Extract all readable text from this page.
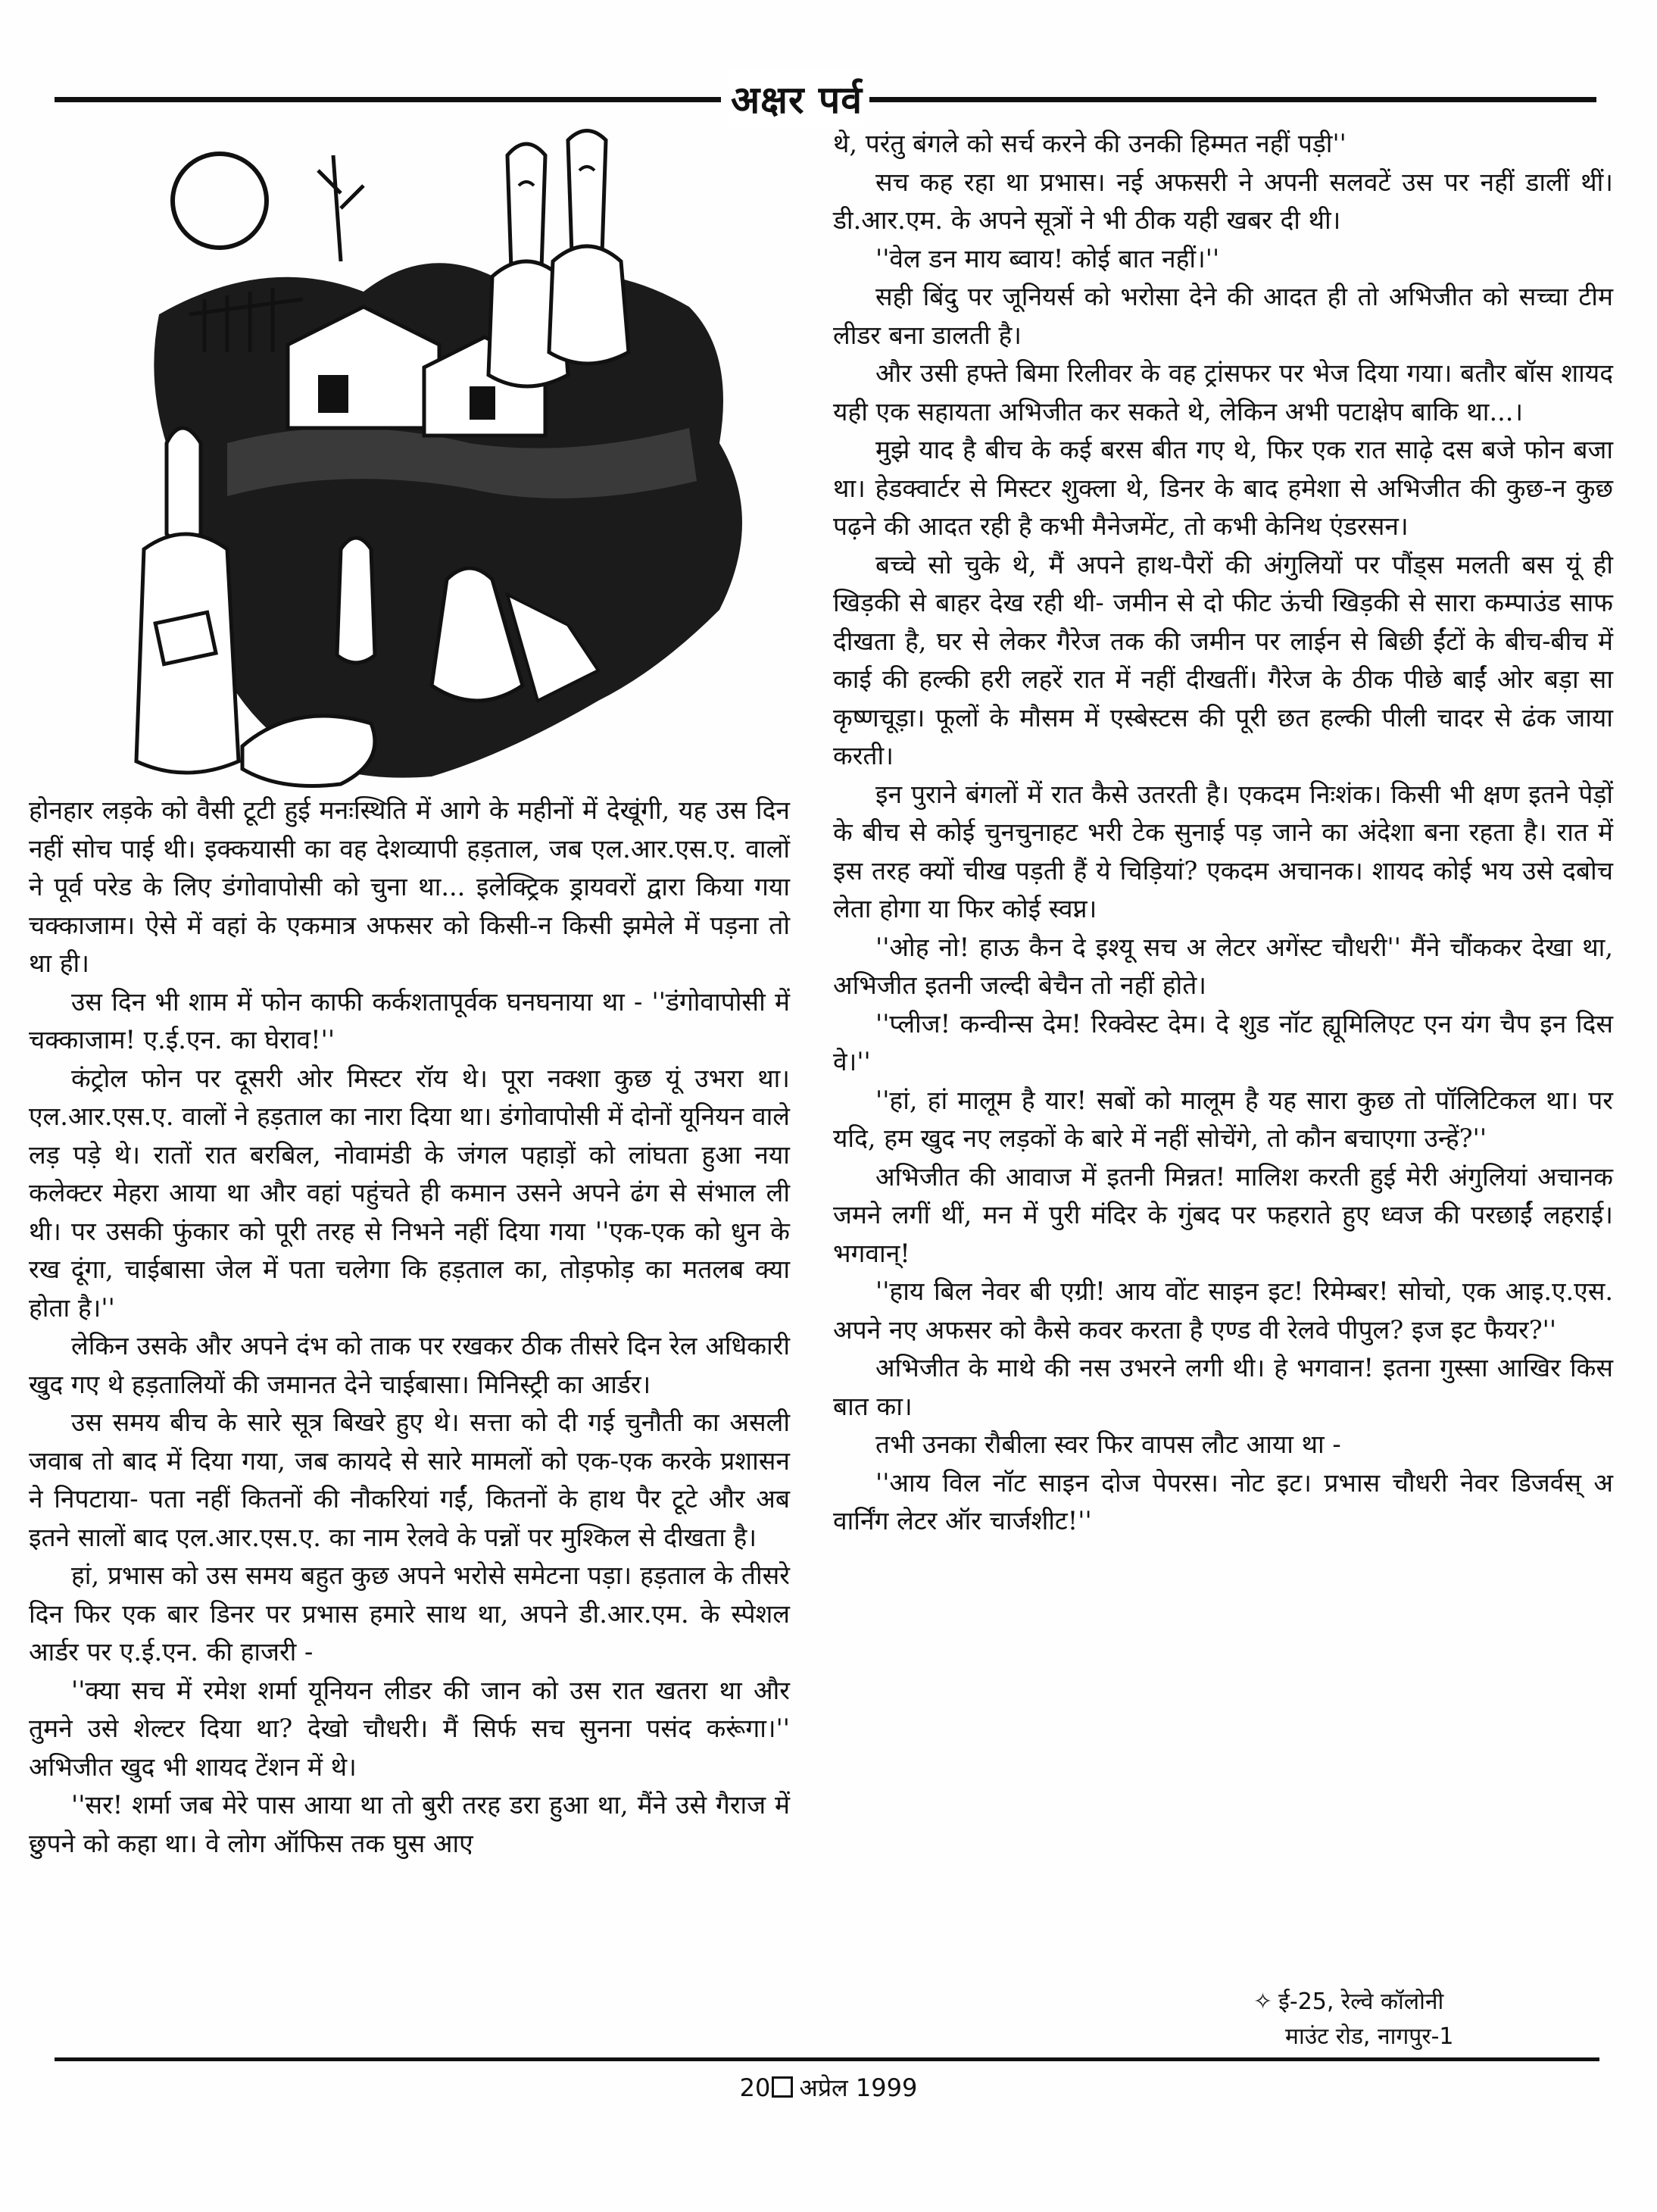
अक्षर पर्व

होनहार लड़के को वैसी टूटी हुई मनःस्थिति में आगे के महीनों में देखूंगी, यह उस दिन नहीं सोच पाई थी। इक्कयासी का वह देशव्यापी हड़ताल, जब एल.आर.एस.ए. वालों ने पूर्व परेड के लिए डंगोवापोसी को चुना था... इलेक्ट्रिक ड्रायवरों द्वारा किया गया चक्काजाम। ऐसे में वहां के एकमात्र अफसर को किसी-न किसी झमेले में पड़ना तो था ही।

उस दिन भी शाम में फोन काफी कर्कशतापूर्वक घनघनाया था - ''डंगोवापोसी में चक्काजाम! ए.ई.एन. का घेराव!''

कंट्रोल फोन पर दूसरी ओर मिस्टर रॉय थे। पूरा नक्शा कुछ यूं उभरा था। एल.आर.एस.ए. वालों ने हड़ताल का नारा दिया था। डंगोवापोसी में दोनों यूनियन वाले लड़ पड़े थे। रातों रात बरबिल, नोवामंडी के जंगल पहाड़ों को लांघता हुआ नया कलेक्टर मेहरा आया था और वहां पहुंचते ही कमान उसने अपने ढंग से संभाल ली थी। पर उसकी फुंकार को पूरी तरह से निभने नहीं दिया गया ''एक-एक को धुन के रख दूंगा, चाईबासा जेल में पता चलेगा कि हड़ताल का, तोड़फोड़ का मतलब क्या होता है।''

लेकिन उसके और अपने दंभ को ताक पर रखकर ठीक तीसरे दिन रेल अधिकारी खुद गए थे हड़तालियों की जमानत देने चाईबासा। मिनिस्ट्री का आर्डर।

उस समय बीच के सारे सूत्र बिखरे हुए थे। सत्ता को दी गई चुनौती का असली जवाब तो बाद में दिया गया, जब कायदे से सारे मामलों को एक-एक करके प्रशासन ने निपटाया- पता नहीं कितनों की नौकरियां गईं, कितनों के हाथ पैर टूटे और अब इतने सालों बाद एल.आर.एस.ए. का नाम रेलवे के पन्नों पर मुश्किल से दीखता है।

हां, प्रभास को उस समय बहुत कुछ अपने भरोसे समेटना पड़ा। हड़ताल के तीसरे दिन फिर एक बार डिनर पर प्रभास हमारे साथ था, अपने डी.आर.एम. के स्पेशल आर्डर पर ए.ई.एन. की हाजरी -

''क्या सच में रमेश शर्मा यूनियन लीडर की जान को उस रात खतरा था और तुमने उसे शेल्टर दिया था? देखो चौधरी। मैं सिर्फ सच सुनना पसंद करूंगा।'' अभिजीत खुद भी शायद टेंशन में थे।

''सर! शर्मा जब मेरे पास आया था तो बुरी तरह डरा हुआ था, मैंने उसे गैराज में छुपने को कहा था। वे लोग ऑफिस तक घुस आए

थे, परंतु बंगले को सर्च करने की उनकी हिम्मत नहीं पड़ी''

सच कह रहा था प्रभास। नई अफसरी ने अपनी सलवटें उस पर नहीं डालीं थीं। डी.आर.एम. के अपने सूत्रों ने भी ठीक यही खबर दी थी।

''वेल डन माय ब्वाय! कोई बात नहीं।''

सही बिंदु पर जूनियर्स को भरोसा देने की आदत ही तो अभिजीत को सच्चा टीम लीडर बना डालती है।

और उसी हफ्ते बिमा रिलीवर के वह ट्रांसफर पर भेज दिया गया। बतौर बॉस शायद यही एक सहायता अभिजीत कर सकते थे, लेकिन अभी पटाक्षेप बाकि था...।

मुझे याद है बीच के कई बरस बीत गए थे, फिर एक रात साढ़े दस बजे फोन बजा था। हेडक्वार्टर से मिस्टर शुक्ला थे, डिनर के बाद हमेशा से अभिजीत की कुछ-न कुछ पढ़ने की आदत रही है कभी मैनेजमेंट, तो कभी केनिथ एंडरसन।

बच्चे सो चुके थे, मैं अपने हाथ-पैरों की अंगुलियों पर पौंड्स मलती बस यूं ही खिड़की से बाहर देख रही थी- जमीन से दो फीट ऊंची खिड़की से सारा कम्पाउंड साफ दीखता है, घर से लेकर गैरेज तक की जमीन पर लाईन से बिछी ईंटों के बीच-बीच में काई की हल्की हरी लहरें रात में नहीं दीखतीं। गैरेज के ठीक पीछे बाईं ओर बड़ा सा कृष्णचूड़ा। फूलों के मौसम में एस्बेस्टस की पूरी छत हल्की पीली चादर से ढंक जाया करती।

इन पुराने बंगलों में रात कैसे उतरती है। एकदम निःशंक। किसी भी क्षण इतने पेड़ों के बीच से कोई चुनचुनाहट भरी टेक सुनाई पड़ जाने का अंदेशा बना रहता है। रात में इस तरह क्यों चीख पड़ती हैं ये चिड़ियां? एकदम अचानक। शायद कोई भय उसे दबोच लेता होगा या फिर कोई स्वप्न।

''ओह नो! हाऊ कैन दे इश्यू सच अ लेटर अगेंस्ट चौधरी'' मैंने चौंककर देखा था, अभिजीत इतनी जल्दी बेचैन तो नहीं होते।

''प्लीज! कन्वीन्स देम! रिक्वेस्ट देम। दे शुड नॉट ह्यूमिलिएट एन यंग चैप इन दिस वे।''

''हां, हां मालूम है यार! सबों को मालूम है यह सारा कुछ तो पॉलिटिकल था। पर यदि, हम खुद नए लड़कों के बारे में नहीं सोचेंगे, तो कौन बचाएगा उन्हें?''

अभिजीत की आवाज में इतनी मिन्नत! मालिश करती हुई मेरी अंगुलियां अचानक जमने लगीं थीं, मन में पुरी मंदिर के गुंबद पर फहराते हुए ध्वज की परछाईं लहराई। भगवान्!

''हाय बिल नेवर बी एग्री! आय वोंट साइन इट! रिमेम्बर! सोचो, एक आइ.ए.एस. अपने नए अफसर को कैसे कवर करता है एण्ड वी रेलवे पीपुल? इज इट फैयर?''

अभिजीत के माथे की नस उभरने लगी थी। हे भगवान! इतना गुस्सा आखिर किस बात का।

तभी उनका रौबीला स्वर फिर वापस लौट आया था -

''आय विल नॉट साइन दोज पेपरस। नोट इट। प्रभास चौधरी नेवर डिजर्वस् अ वार्निंग लेटर ऑर चार्जशीट!''

✧ ई-25, रेल्वे कॉलोनी
माउंट रोड, नागपुर-1
20 अप्रेल 1999
